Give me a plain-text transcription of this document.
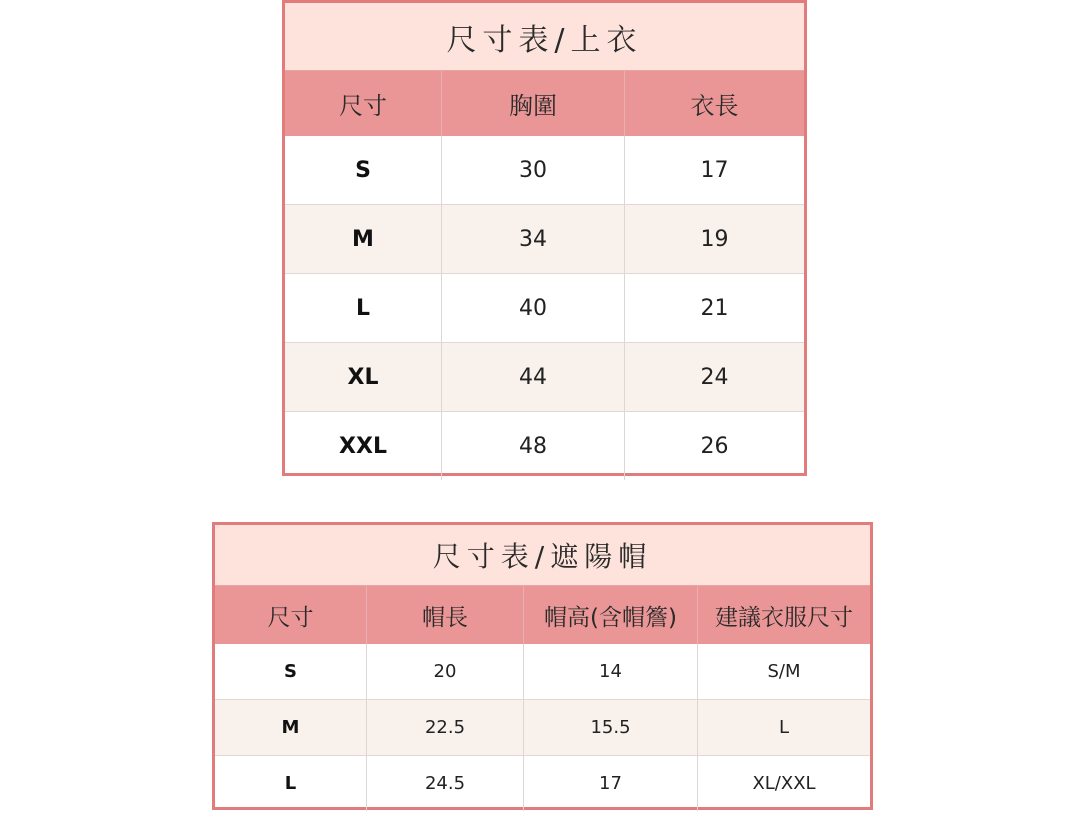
尺寸表/上衣
尺寸	胸圍	衣長
S	30	17
M	34	19
L	40	21
XL	44	24
XXL	48	26
尺寸表/遮陽帽
尺寸	帽長	帽高(含帽簷)	建議衣服尺寸
S	20	14	S/M
M	22.5	15.5	L
L	24.5	17	XL/XXL
